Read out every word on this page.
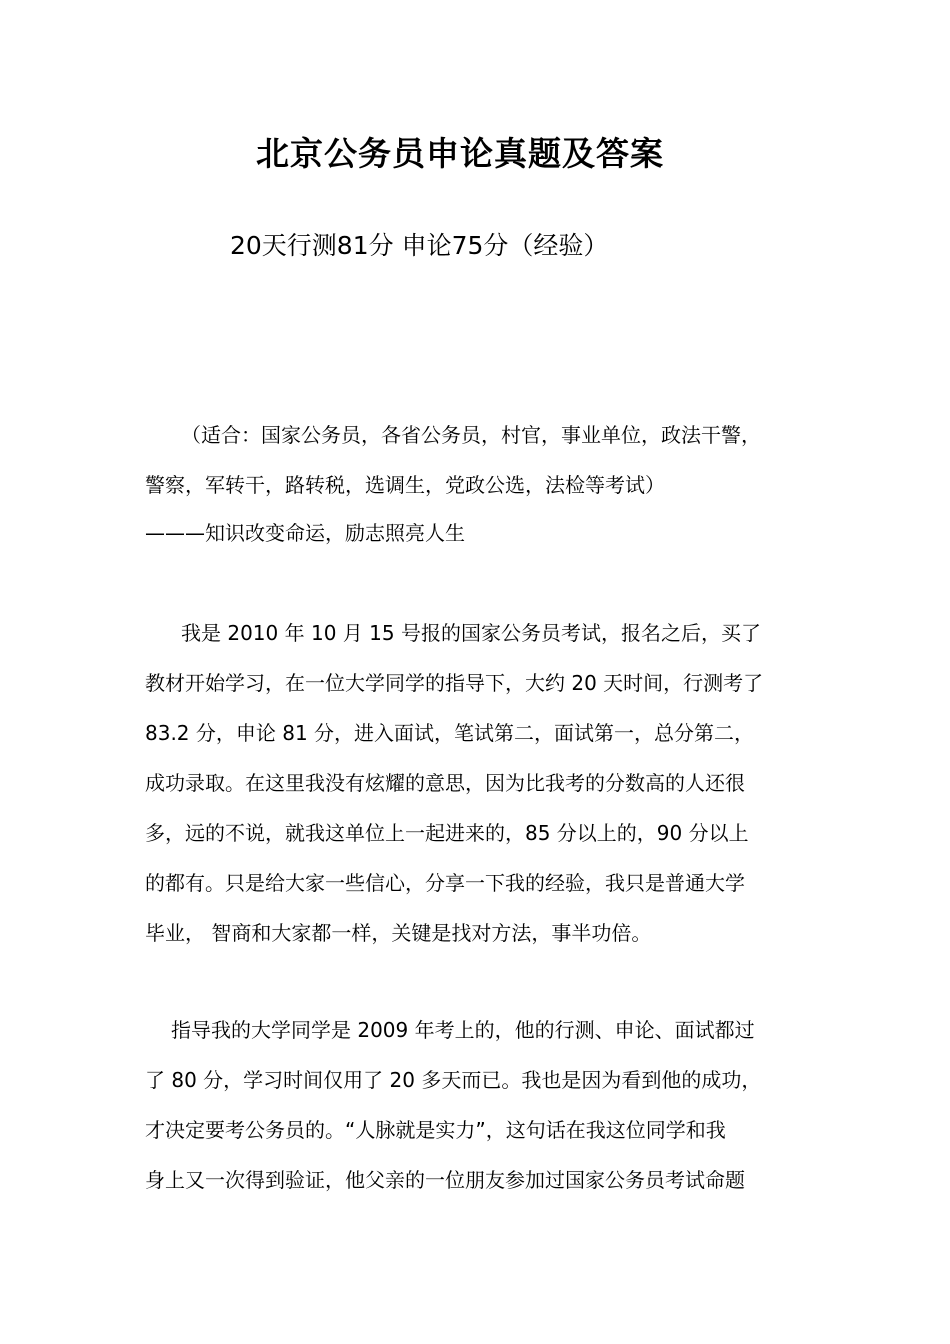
北京公务员申论真题及答案
20天行测81分 申论75分（经验）
（适合：国家公务员，各省公务员，村官，事业单位，政法干警，
警察，军转干，路转税，选调生，党政公选，法检等考试）
———知识改变命运，励志照亮人生
我是 2010 年 10 月 15 号报的国家公务员考试，报名之后，买了
教材开始学习，在一位大学同学的指导下，大约 20 天时间，行测考了
83.2 分，申论 81 分，进入面试，笔试第二，面试第一，总分第二，
成功录取。在这里我没有炫耀的意思，因为比我考的分数高的人还很
多，远的不说，就我这单位上一起进来的，85 分以上的，90 分以上
的都有。只是给大家一些信心，分享一下我的经验，我只是普通大学
毕业， 智商和大家都一样，关键是找对方法，事半功倍。
指导我的大学同学是 2009 年考上的，他的行测、申论、面试都过
了 80 分，学习时间仅用了 20 多天而已。我也是因为看到他的成功，
才决定要考公务员的。“人脉就是实力”，这句话在我这位同学和我
身上又一次得到验证，他父亲的一位朋友参加过国家公务员考试命题
